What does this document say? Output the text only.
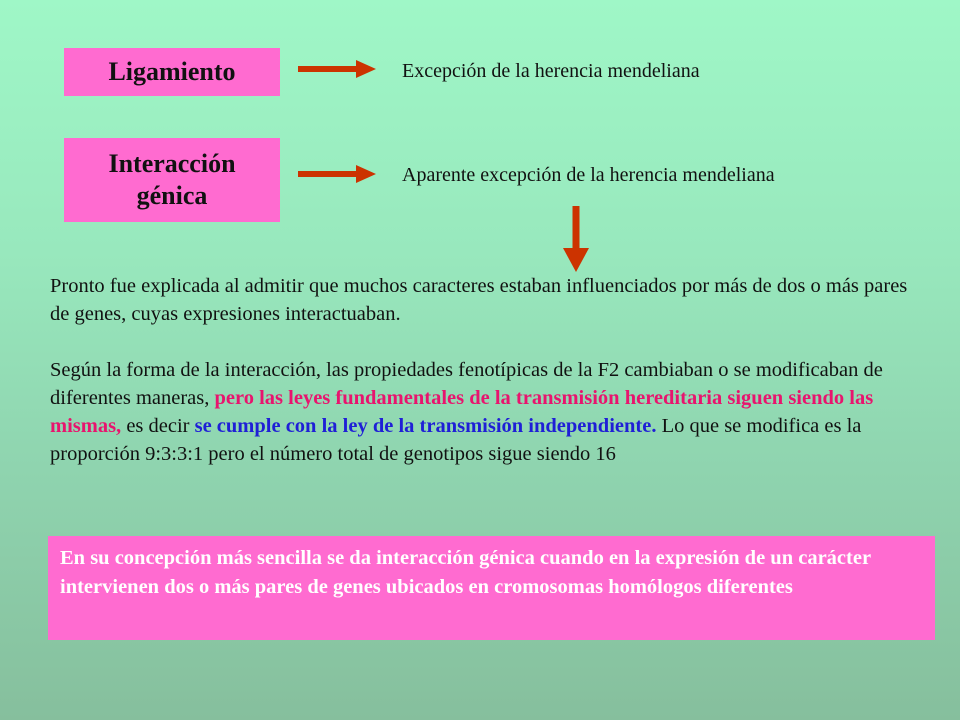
Ligamiento	Excepción de la herencia mendeliana
Interacción
génica
Aparente excepción de la herencia mendeliana
Pronto fue explicada al admitir que muchos caracteres estaban influenciados por más de dos o más pares de genes, cuyas expresiones interactuaban.
Según la forma de la interacción, las propiedades fenotípicas de la F2 cambiaban o se modificaban de diferentes maneras, pero las leyes fundamentales de la transmisión hereditaria siguen siendo las mismas, es decir se cumple con la ley de la transmisión independiente. Lo que se modifica es la proporción 9:3:3:1 pero el número total de genotipos sigue siendo 16
En su concepción más sencilla se da interacción génica cuando en la expresión de un carácter intervienen dos o más pares de genes ubicados en cromosomas homólogos diferentes
